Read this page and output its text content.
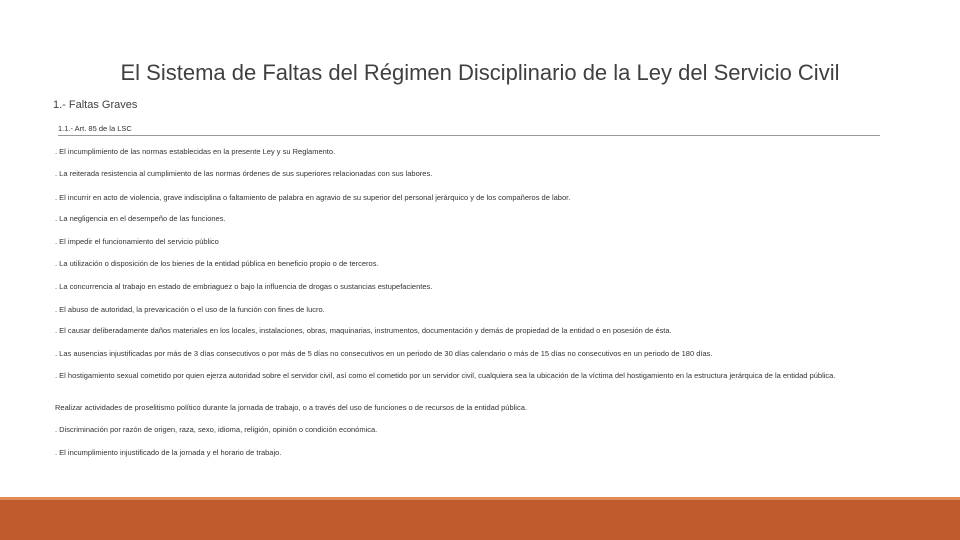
El Sistema de Faltas del Régimen Disciplinario de la Ley del Servicio Civil

1.- Faltas Graves

1.1.- Art. 85 de la LSC
. El incumplimiento de las normas establecidas en la presente Ley y su Reglamento.
. La reiterada resistencia al cumplimiento de las normas órdenes de sus superiores relacionadas con sus labores.
. El incurrir en acto de violencia, grave indisciplina o faltamiento de palabra en agravio de su superior del personal jerárquico y de los compañeros de labor.
. La negligencia en el desempeño de las funciones.
. El impedir el funcionamiento del servicio público
. La utilización o disposición de los bienes de la entidad pública en beneficio propio o de terceros.
. La concurrencia al trabajo en estado de embriaguez o bajo la influencia de drogas o sustancias estupefacientes.
. El abuso de autoridad, la prevaricación o el uso de la función con fines de lucro.
. El causar deliberadamente daños materiales en los locales, instalaciones, obras, maquinarias, instrumentos, documentación y demás de propiedad de la entidad o en posesión de ésta.
. Las ausencias injustificadas por más de 3 días consecutivos o por más de 5 días no consecutivos en un periodo de 30 días calendario o más de 15 días no consecutivos en un periodo de 180 días.
. El hostigamiento sexual cometido por quien ejerza autoridad sobre el servidor civil, así como el cometido por un servidor civil, cualquiera sea la ubicación de la víctima del hostigamiento en la estructura jerárquica de la entidad pública.
Realizar actividades de proselitismo político durante la jornada de trabajo, o a través del uso de funciones o de recursos de la entidad pública.
. Discriminación por razón de origen, raza, sexo, idioma, religión, opinión o condición económica.
. El incumplimiento injustificado de la jornada y el horario de trabajo.
